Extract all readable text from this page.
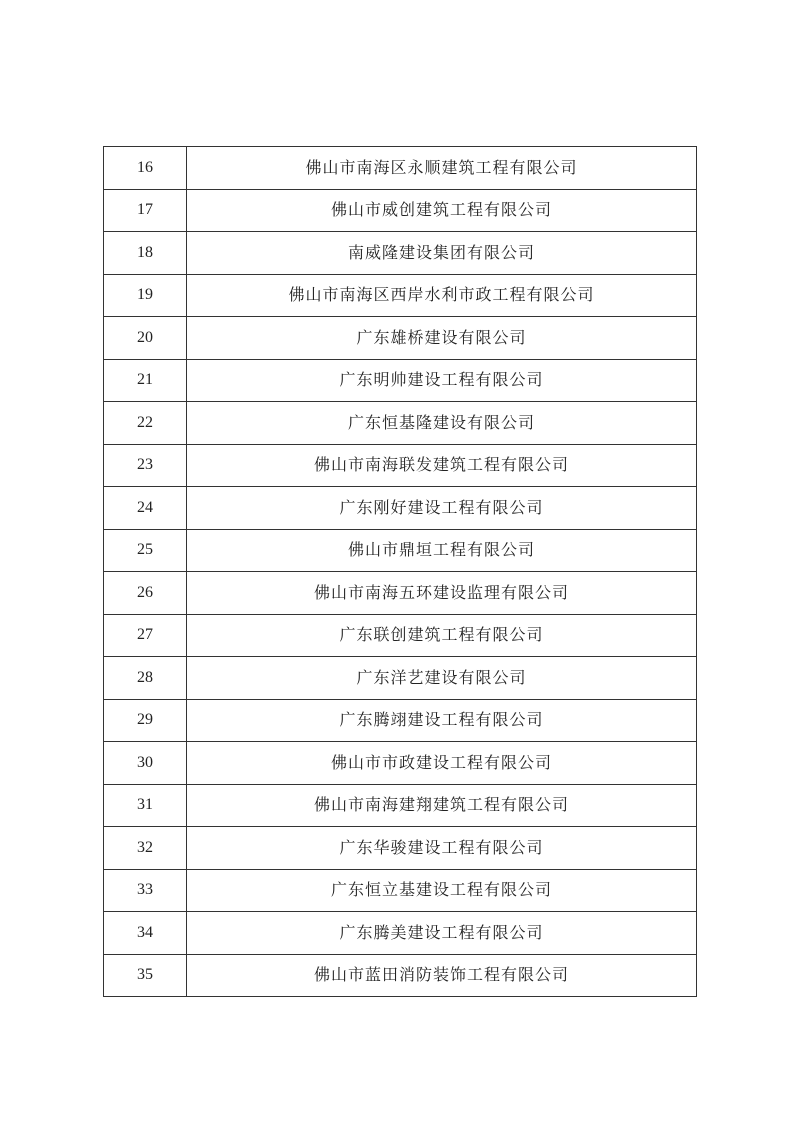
16	佛山市南海区永顺建筑工程有限公司
17	佛山市威创建筑工程有限公司
18	南威隆建设集团有限公司
19	佛山市南海区西岸水利市政工程有限公司
20	广东雄桥建设有限公司
21	广东明帅建设工程有限公司
22	广东恒基隆建设有限公司
23	佛山市南海联发建筑工程有限公司
24	广东刚好建设工程有限公司
25	佛山市鼎垣工程有限公司
26	佛山市南海五环建设监理有限公司
27	广东联创建筑工程有限公司
28	广东洋艺建设有限公司
29	广东腾翊建设工程有限公司
30	佛山市市政建设工程有限公司
31	佛山市南海建翔建筑工程有限公司
32	广东华骏建设工程有限公司
33	广东恒立基建设工程有限公司
34	广东腾美建设工程有限公司
35	佛山市蓝田消防装饰工程有限公司
